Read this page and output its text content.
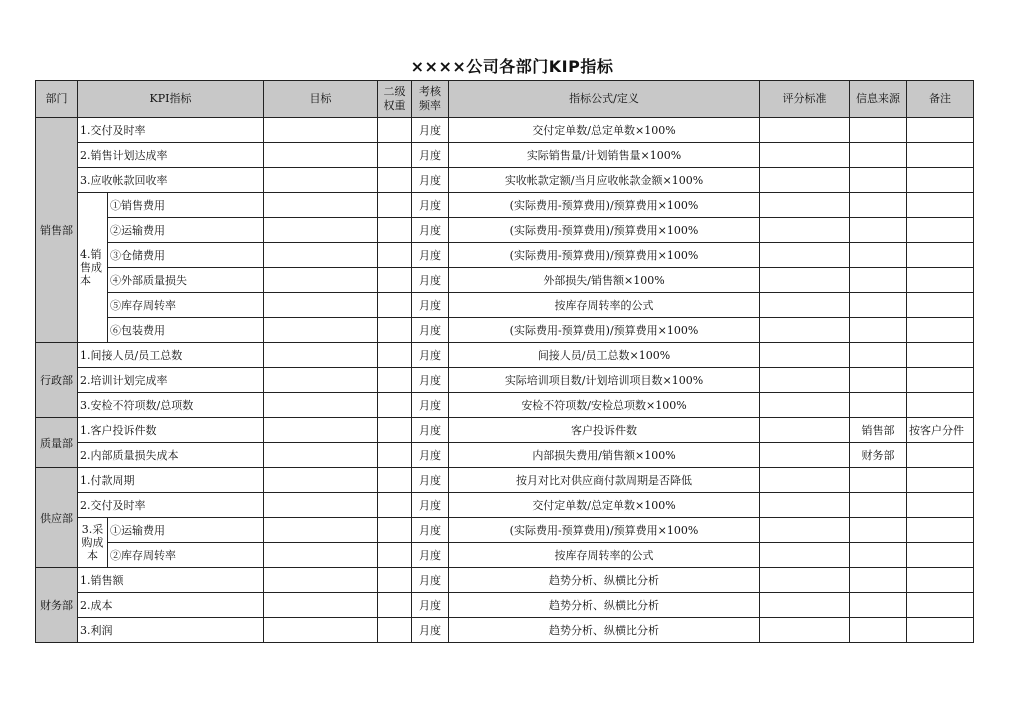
××××公司各部门KIP指标
部门	KPI指标		目标	二级权重	考核频率	指标公式/定义	评分标准	信息来源	备注
销售部	1.交付及时率				月度	交付定单数/总定单数×100%			
	2.销售计划达成率				月度	实际销售量/计划销售量×100%			
	3.应收帐款回收率				月度	实收帐款定额/当月应收帐款金额×100%			
	4.销售成本	①销售费用			月度	(实际费用-预算费用)/预算费用×100%			
		②运输费用			月度	(实际费用-预算费用)/预算费用×100%			
		③仓储费用			月度	(实际费用-预算费用)/预算费用×100%			
		④外部质量损失			月度	外部损失/销售额×100%			
		⑤库存周转率			月度	按库存周转率的公式			
		⑥包装费用			月度	(实际费用-预算费用)/预算费用×100%			
行政部	1.间接人员/员工总数				月度	间接人员/员工总数×100%			
	2.培训计划完成率				月度	实际培训项目数/计划培训项目数×100%			
	3.安检不符项数/总项数				月度	安检不符项数/安检总项数×100%			
质量部	1.客户投诉件数				月度	客户投诉件数		销售部	按客户分件
	2.内部质量损失成本				月度	内部损失费用/销售额×100%		财务部	
供应部	1.付款周期				月度	按月对比对供应商付款周期是否降低			
	2.交付及时率				月度	交付定单数/总定单数×100%			
	3.采购成本	①运输费用			月度	(实际费用-预算费用)/预算费用×100%			
		②库存周转率			月度	按库存周转率的公式			
财务部	1.销售额				月度	趋势分析、纵横比分析			
	2.成本				月度	趋势分析、纵横比分析			
	3.利润				月度	趋势分析、纵横比分析			
